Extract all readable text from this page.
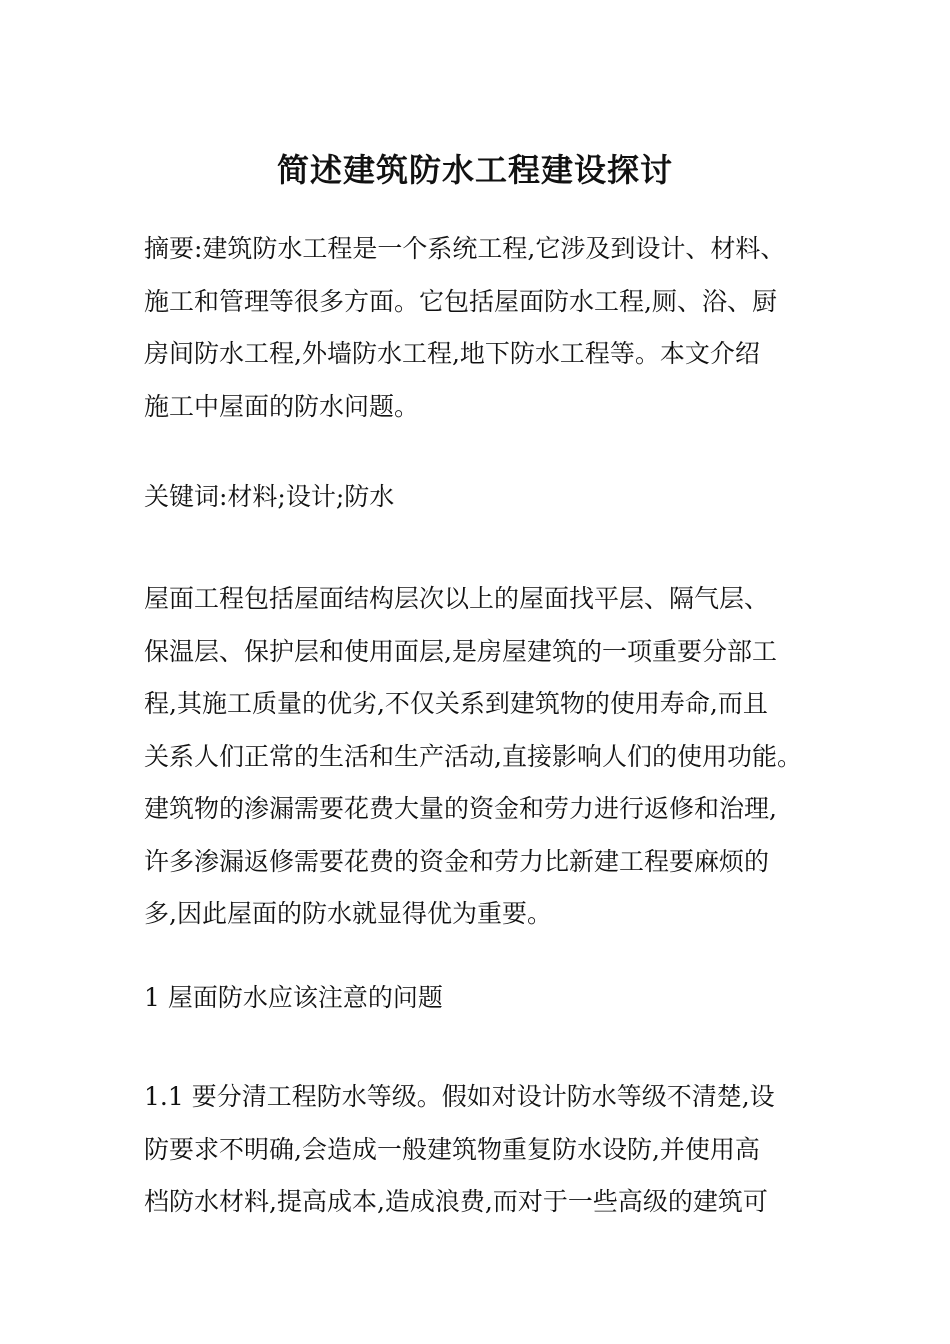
简述建筑防水工程建设探讨

摘要:建筑防水工程是一个系统工程,它涉及到设计、材料、
施工和管理等很多方面。它包括屋面防水工程,厕、浴、厨
房间防水工程,外墙防水工程,地下防水工程等。本文介绍
施工中屋面的防水问题。

关键词:材料;设计;防水

屋面工程包括屋面结构层次以上的屋面找平层、隔气层、
保温层、保护层和使用面层,是房屋建筑的一项重要分部工
程,其施工质量的优劣,不仅关系到建筑物的使用寿命,而且
关系人们正常的生活和生产活动,直接影响人们的使用功能。
建筑物的渗漏需要花费大量的资金和劳力进行返修和治理,
许多渗漏返修需要花费的资金和劳力比新建工程要麻烦的
多,因此屋面的防水就显得优为重要。

1 屋面防水应该注意的问题

1.1 要分清工程防水等级。假如对设计防水等级不清楚,设
防要求不明确,会造成一般建筑物重复防水设防,并使用高
档防水材料,提高成本,造成浪费,而对于一些高级的建筑可
